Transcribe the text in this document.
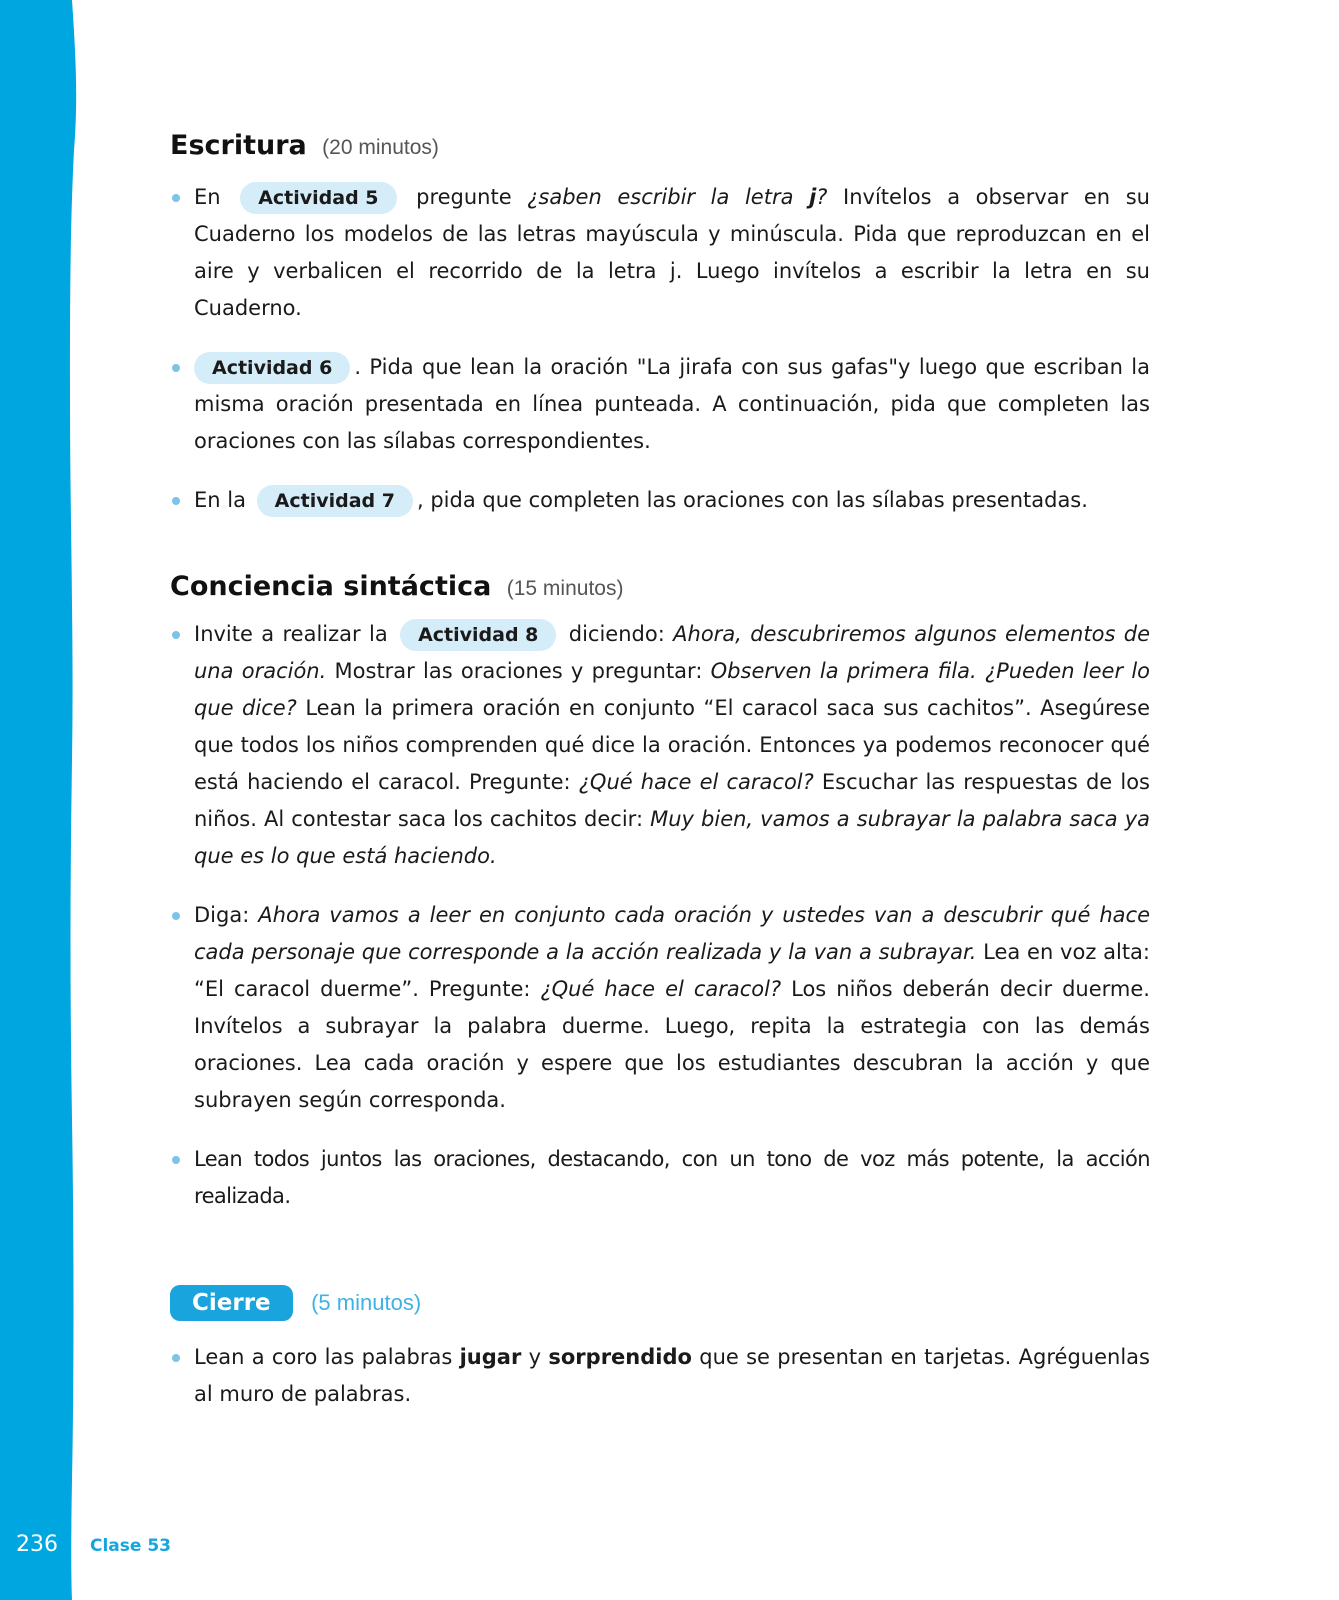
236 Clase 53
Escritura (20 minutos)
En Actividad 5 pregunte ¿saben escribir la letra j? Invítelos a observar en su Cuaderno los modelos de las letras mayúscula y minúscula. Pida que reproduzcan en el aire y verbalicen el recorrido de la letra j. Luego invítelos a escribir la letra en su Cuaderno.
Actividad 6 . Pida que lean la oración "La jirafa con sus gafas"y luego que escriban la misma oración presentada en línea punteada. A continuación, pida que completen las oraciones con las sílabas correspondientes.
En la Actividad 7 , pida que completen las oraciones con las sílabas presentadas.
Conciencia sintáctica (15 minutos)
Invite a realizar la Actividad 8 diciendo: Ahora, descubriremos algunos elementos de una oración. Mostrar las oraciones y preguntar: Observen la primera fila. ¿Pueden leer lo que dice? Lean la primera oración en conjunto “El caracol saca sus cachitos”. Asegúrese que todos los niños comprenden qué dice la oración. Entonces ya podemos reconocer qué está haciendo el caracol. Pregunte: ¿Qué hace el caracol? Escuchar las respuestas de los niños. Al contestar saca los cachitos decir: Muy bien, vamos a subrayar la palabra saca ya que es lo que está haciendo.
Diga: Ahora vamos a leer en conjunto cada oración y ustedes van a descubrir qué hace cada personaje que corresponde a la acción realizada y la van a subrayar. Lea en voz alta: “El caracol duerme”. Pregunte: ¿Qué hace el caracol? Los niños deberán decir duerme. Invítelos a subrayar la palabra duerme. Luego, repita la estrategia con las demás oraciones. Lea cada oración y espere que los estudiantes descubran la acción y que subrayen según corresponda.
Lean todos juntos las oraciones, destacando, con un tono de voz más potente, la acción realizada.
Cierre (5 minutos)
Lean a coro las palabras jugar y sorprendido que se presentan en tarjetas. Agréguenlas al muro de palabras.
